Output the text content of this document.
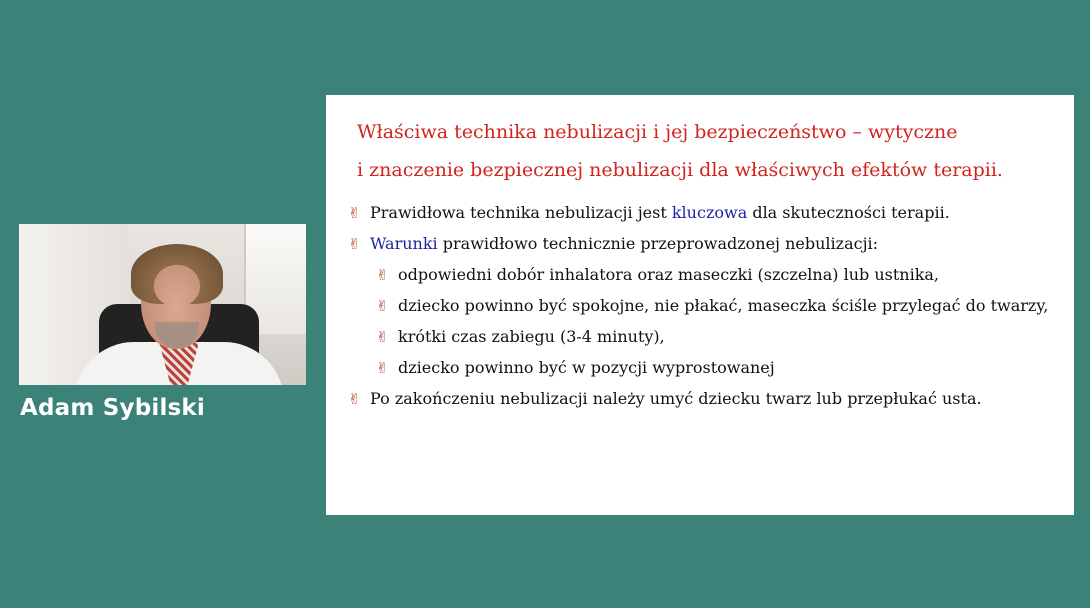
Adam Sybilski

Właściwa technika nebulizacji i jej bezpieczeństwo – wytyczne
i znaczenie bezpiecznej nebulizacji dla właściwych efektów terapii.
✌ Prawidłowa technika nebulizacji jest kluczowa dla skuteczności terapii.
✌ Warunki prawidłowo technicznie przeprowadzonej nebulizacji:
✌ odpowiedni dobór inhalatora oraz maseczki (szczelna) lub ustnika,
✌ dziecko powinno być spokojne, nie płakać, maseczka ściśle przylegać do twarzy,
✌ krótki czas zabiegu (3-4 minuty),
✌ dziecko powinno być w pozycji wyprostowanej
✌ Po zakończeniu nebulizacji należy umyć dziecku twarz lub przepłukać usta.
